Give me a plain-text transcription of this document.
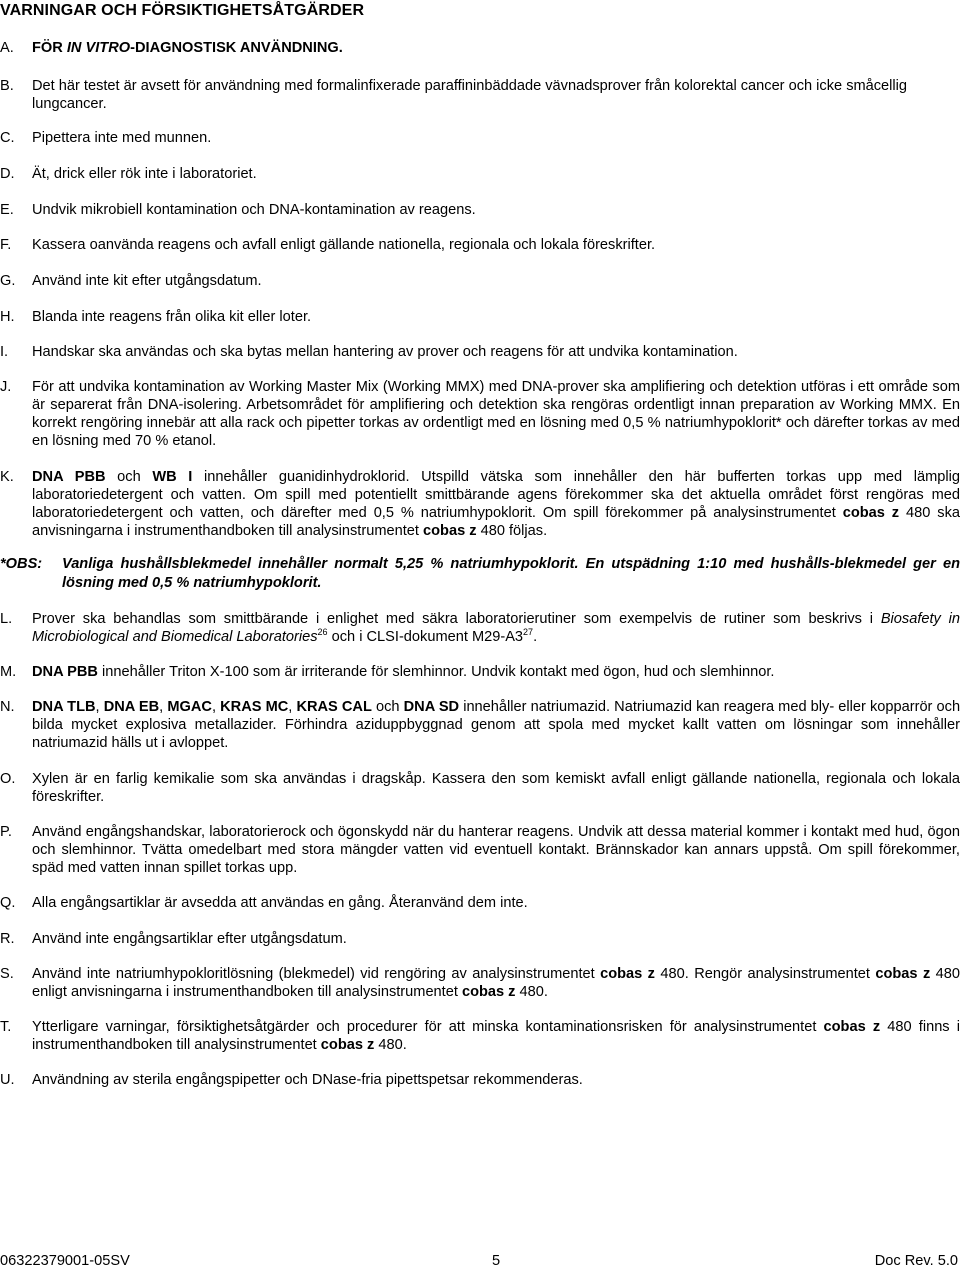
VARNINGAR OCH FÖRSIKTIGHETSÅTGÄRDER
A. FÖR IN VITRO-DIAGNOSTISK ANVÄNDNING.
B. Det här testet är avsett för användning med formalinfixerade paraffininbäddade vävnadsprover från kolorektal cancer och icke småcellig lungcancer.
C. Pipettera inte med munnen.
D. Ät, drick eller rök inte i laboratoriet.
E. Undvik mikrobiell kontamination och DNA-kontamination av reagens.
F. Kassera oanvända reagens och avfall enligt gällande nationella, regionala och lokala föreskrifter.
G. Använd inte kit efter utgångsdatum.
H. Blanda inte reagens från olika kit eller loter.
I. Handskar ska användas och ska bytas mellan hantering av prover och reagens för att undvika kontamination.
J. För att undvika kontamination av Working Master Mix (Working MMX) med DNA-prover ska amplifiering och detektion utföras i ett område som är separerat från DNA-isolering. Arbetsområdet för amplifiering och detektion ska rengöras ordentligt innan preparation av Working MMX. En korrekt rengöring innebär att alla rack och pipetter torkas av ordentligt med en lösning med 0,5 % natriumhypoklorit* och därefter torkas av med en lösning med 70 % etanol.
K. DNA PBB och WB I innehåller guanidinhydroklorid. Utspilld vätska som innehåller den här bufferten torkas upp med lämplig laboratoriedetergent och vatten. Om spill med potentiellt smittbärande agens förekommer ska det aktuella området först rengöras med laboratoriedetergent och vatten, och därefter med 0,5 % natriumhypoklorit. Om spill förekommer på analysinstrumentet cobas z 480 ska anvisningarna i instrumenthandboken till analysinstrumentet cobas z 480 följas.
*OBS: Vanliga hushållsblekmedel innehåller normalt 5,25 % natriumhypoklorit. En utspädning 1:10 med hushålls-blekmedel ger en lösning med 0,5 % natriumhypoklorit.
L. Prover ska behandlas som smittbärande i enlighet med säkra laboratorierutiner som exempelvis de rutiner som beskrivs i Biosafety in Microbiological and Biomedical Laboratories$^{26}$ och i CLSI-dokument $M29-A3^{27}$.
M. DNA PBB innehåller Triton X-100 som är irriterande för slemhinnor. Undvik kontakt med ögon, hud och slemhinnor.
N. DNA TLB, DNA EB, MGAC, KRAS MC, KRAS CAL och DNA SD innehåller natriumazid. Natriumazid kan reagera med bly- eller kopparrör och bilda mycket explosiva metallazider. Förhindra aziduppbyggnad genom att spola med mycket kallt vatten om lösningar som innehåller natriumazid hälls ut i avloppet.
O. Xylen är en farlig kemikalie som ska användas i dragskåp. Kassera den som kemiskt avfall enligt gällande nationella, regionala och lokala föreskrifter.
P. Använd engångshandskar, laboratorierock och ögonskydd när du hanterar reagens. Undvik att dessa material kommer i kontakt med hud, ögon och slemhinnor. Tvätta omedelbart med stora mängder vatten vid eventuell kontakt. Brännskador kan annars uppstå. Om spill förekommer, späd med vatten innan spillet torkas upp.
Q. Alla engångsartiklar är avsedda att användas en gång. Återanvänd dem inte.
R. Använd inte engångsartiklar efter utgångsdatum.
S. Använd inte natriumhypokloritlösning (blekmedel) vid rengöring av analysinstrumentet cobas z 480. Rengör analysinstrumentet cobas z 480 enligt anvisningarna i instrumenthandboken till analysinstrumentet cobas z 480.
T. Ytterligare varningar, försiktighetsåtgärder och procedurer för att minska kontaminationsrisken för analysinstrumentet cobas z 480 finns i instrumenthandboken till analysinstrumentet cobas z 480.
U. Användning av sterila engångspipetter och DNase-fria pipettspetsar rekommenderas.
06322379001-05SV	5	Doc Rev. 5.0
